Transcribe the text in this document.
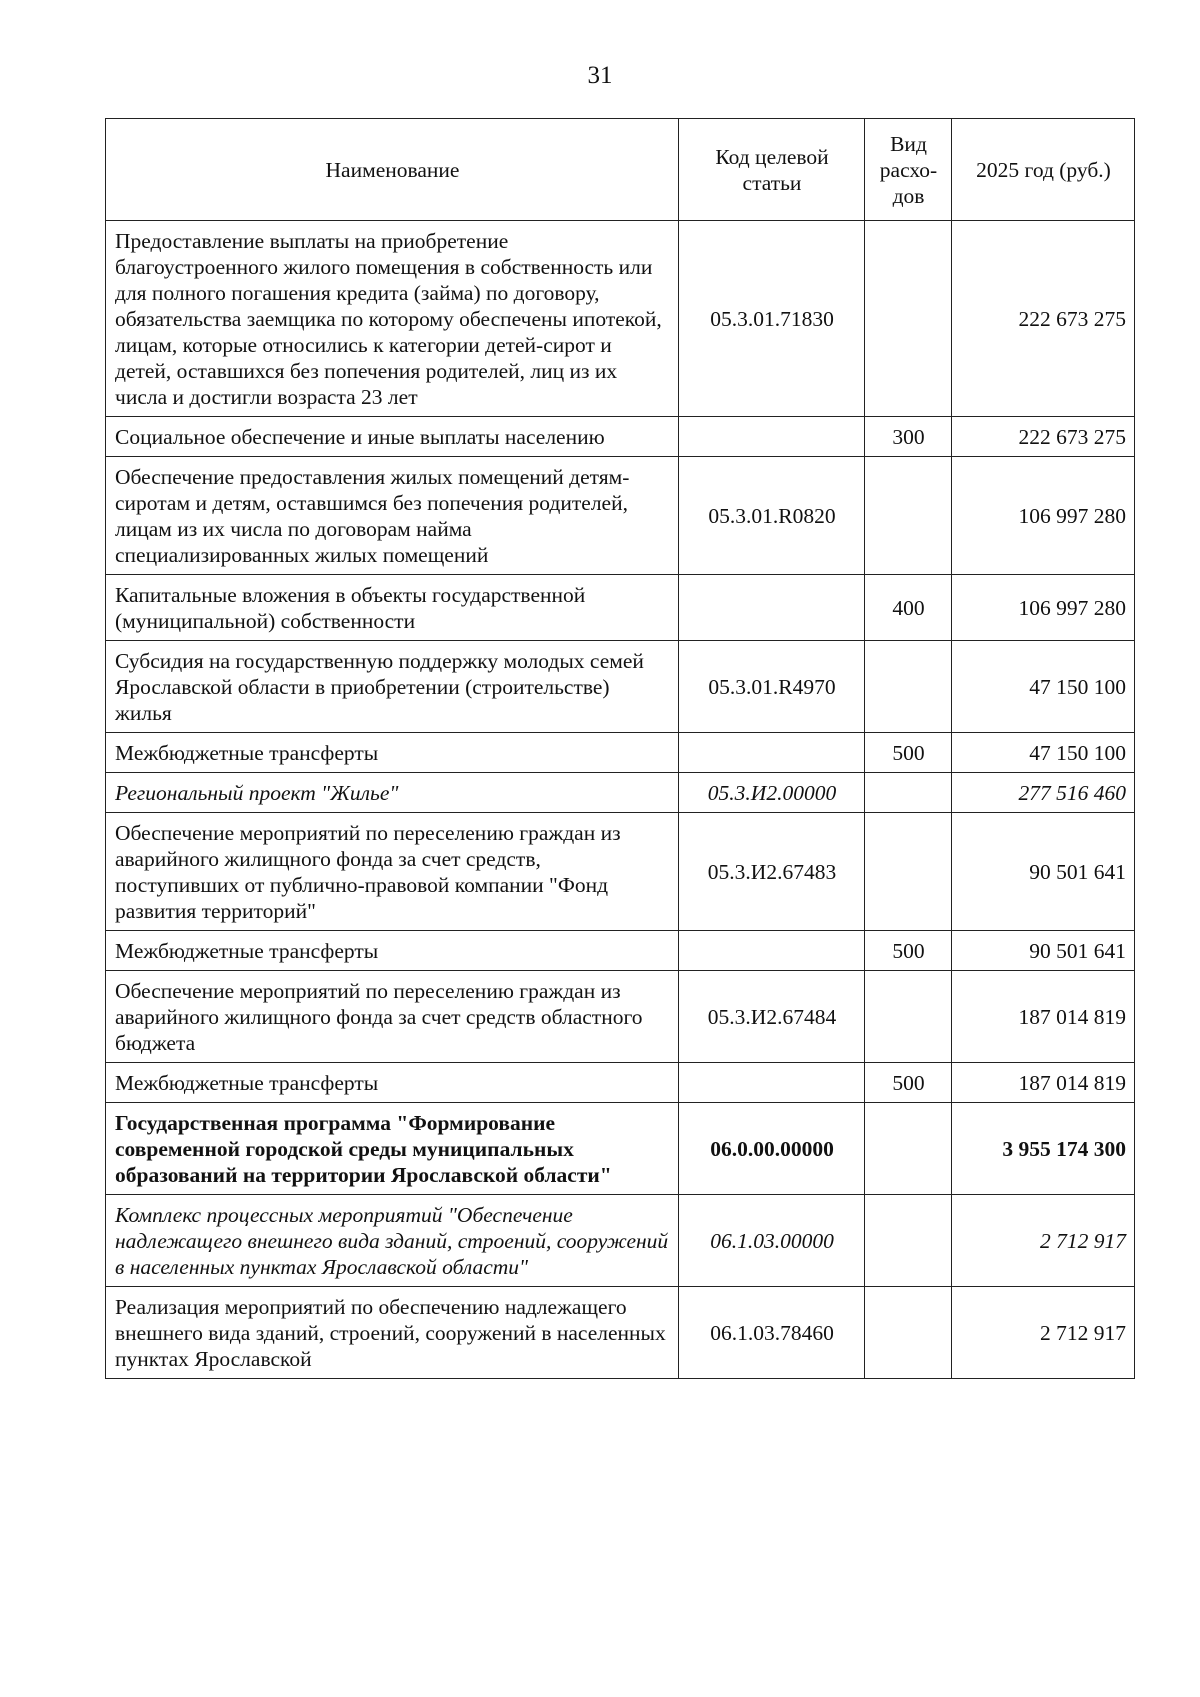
31
Наименование	Код целевой статьи	Вид расхо-дов	2025 год (руб.)
Предоставление выплаты на приобретение благоустроенного жилого помещения в собственность или для полного погашения кредита (займа) по договору, обязательства заемщика по которому обеспечены ипотекой, лицам, которые относились к категории детей-сирот и детей, оставшихся без попечения родителей, лиц из их числа и достигли возраста 23 лет	05.3.01.71830		222 673 275
Социальное обеспечение и иные выплаты населению		300	222 673 275
Обеспечение предоставления жилых помещений детям-сиротам и детям, оставшимся без попечения родителей, лицам из их числа по договорам найма специализированных жилых помещений	05.3.01.R0820		106 997 280
Капитальные вложения в объекты государственной (муниципальной) собственности		400	106 997 280
Субсидия на государственную поддержку молодых семей Ярославской области в приобретении (строительстве) жилья	05.3.01.R4970		47 150 100
Межбюджетные трансферты		500	47 150 100
Региональный проект "Жилье"	05.3.И2.00000		277 516 460
Обеспечение мероприятий по переселению граждан из аварийного жилищного фонда за счет средств, поступивших от публично-правовой компании "Фонд развития территорий"	05.3.И2.67483		90 501 641
Межбюджетные трансферты		500	90 501 641
Обеспечение мероприятий по переселению граждан из аварийного жилищного фонда за счет средств областного бюджета	05.3.И2.67484		187 014 819
Межбюджетные трансферты		500	187 014 819
Государственная программа "Формирование современной городской среды муниципальных образований на территории Ярославской области"	06.0.00.00000		3 955 174 300
Комплекс процессных мероприятий "Обеспечение надлежащего внешнего вида зданий, строений, сооружений в населенных пунктах Ярославской области"	06.1.03.00000		2 712 917
Реализация мероприятий по обеспечению надлежащего внешнего вида зданий, строений, сооружений в населенных пунктах Ярославской	06.1.03.78460		2 712 917
